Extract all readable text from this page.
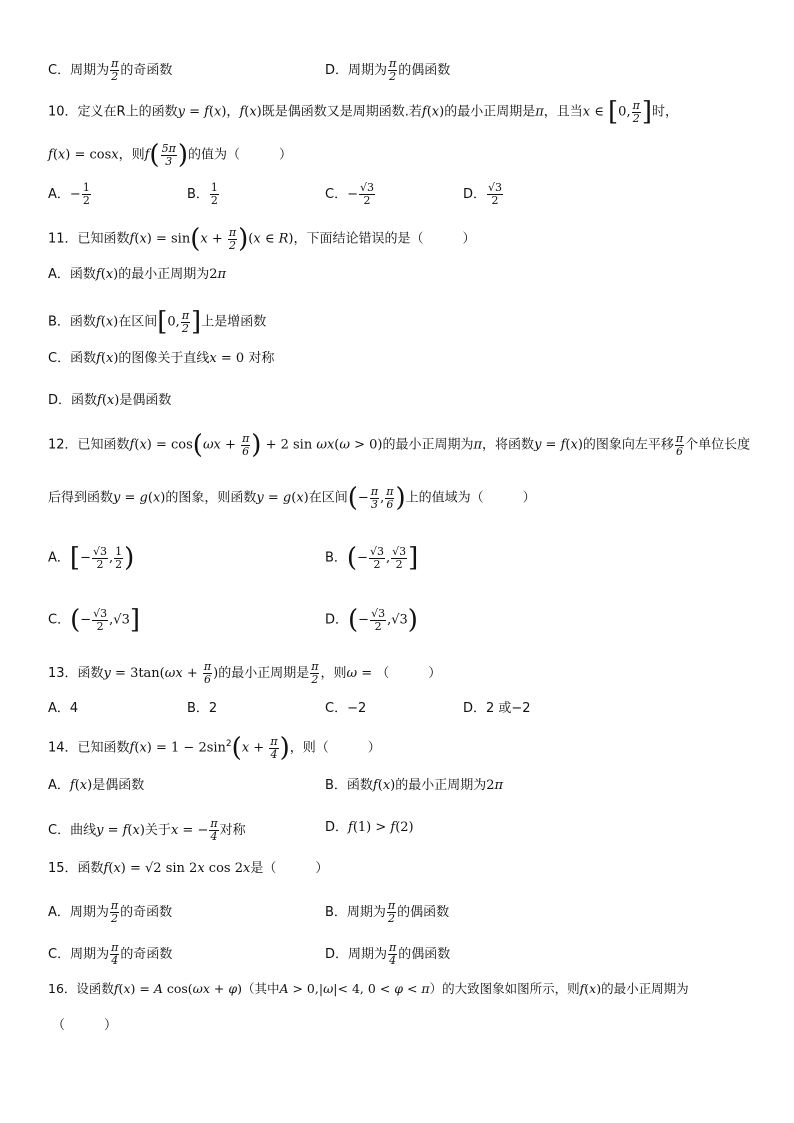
C．周期为 $\frac{\pi}{2}$ 的奇函数	D．周期为 $\frac{\pi}{2}$ 的偶函数
10．定义在R上的函数y = f(x)，f(x)既是偶函数又是周期函数.若f(x)的最小正周期是π，且当x ∈ [0, $\frac{\pi}{2}$ ]时，
f(x) = cosx，则$f( \frac{5\pi}{3}$ )的值为（　　　）
A．− $\frac{1}{2}$	B． $\frac{1}{2}$	C．− $\frac{√3}{2}$	D． $\frac{√3}{2}$
11．已知函数$f(x) = \sin(x + \frac{\pi}{2} )(x$ ∈ R)，下面结论错误的是（　　　）
A．函数f(x)的最小正周期为2π
B．函数f(x)在区间[0, $\frac{\pi}{2}$ ]上是增函数
C．函数f(x)的图像关于直线x = 0 对称
D．函数f(x)是偶函数
12．已知函数$f(x) = \cos(\omega x + \frac{\pi}{6}$ ) + 2 sin ωx(ω > 0)的最小正周期为π，将函数y = f(x)的图象向左平移 $\frac{\pi}{6}$ 个单位长度
后得到函数y = g(x)的图象，则函数y = g(x)在区间(− $\frac{\pi}{3}$ , $\frac{\pi}{6}$ )上的值域为（　　　）
A．[− $\frac{√3}{2}$ , $\frac{1}{2}$ )	B．(− $\frac{√3}{2}$ , $\frac{√3}{2}$ ]
C．(− $\frac{√3}{2} ,√3$]	D．(− $\frac{√3}{2} ,√3$)
13．函数$y = 3\tan(\omega x + \frac{\pi}{6}$ )的最小正周期是 $\frac{\pi}{2}$ ，则ω = （　　　）
A．4	B．2	C．−2	D．2 或−2
14．已知函数$f(x) = 1 - 2\sin^2(x + \frac{\pi}{4}$ )，则（　　　）
A．f(x)是偶函数	B．函数f(x)的最小正周期为2π
C．曲线y = f(x)关于x = − $\frac{\pi}{4}$ 对称	D．f(1) > f(2)
15．函数f(x) = √2 sin 2x cos 2x是（　　　）
A．周期为 $\frac{\pi}{2}$ 的奇函数	B．周期为 $\frac{\pi}{2}$ 的偶函数
C．周期为 $\frac{\pi}{4}$ 的奇函数	D．周期为 $\frac{\pi}{4}$ 的偶函数
16．设函数f(x) = A cos(ωx + φ)（其中A > 0,|ω|< 4, 0 < φ < π）的大致图象如图所示，则f(x)的最小正周期为
（　　　）
